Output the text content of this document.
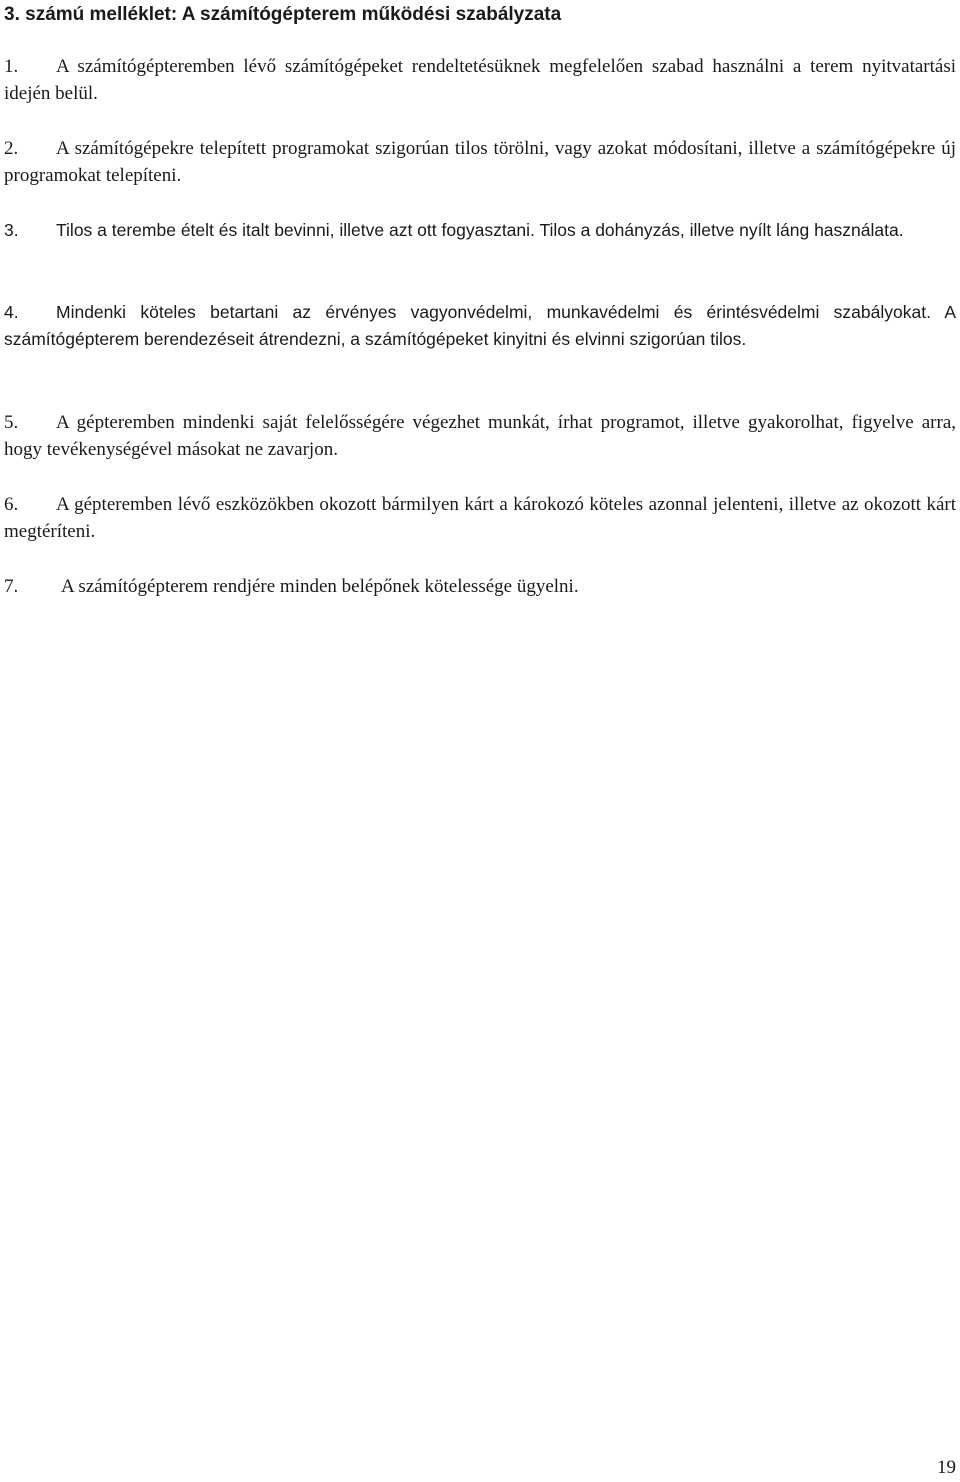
3. számú melléklet: A számítógépterem működési szabályzata
1.	A számítógépteremben lévő számítógépeket rendeltetésüknek megfelelően szabad használni a terem nyitvatartási idején belül.
2.	A számítógépekre telepített programokat szigorúan tilos törölni, vagy azokat módosítani, illetve a számítógépekre új programokat telepíteni.
3.	Tilos a terembe ételt és italt bevinni, illetve azt ott fogyasztani. Tilos a dohányzás, illetve nyílt láng használata.
4.	Mindenki köteles betartani az érvényes vagyonvédelmi, munkavédelmi és érintésvédelmi szabályokat. A számítógépterem berendezéseit átrendezni, a számítógépeket kinyitni és elvinni szigorúan tilos.
5.	A gépteremben mindenki saját felelősségére végezhet munkát, írhat programot, illetve gyakorolhat, figyelve arra, hogy tevékenységével másokat ne zavarjon.
6.	A gépteremben lévő eszközökben okozott bármilyen kárt a károkozó köteles azonnal jelenteni, illetve az okozott kárt megtéríteni.
7.	A számítógépterem rendjére minden belépőnek kötelessége ügyelni.
19
